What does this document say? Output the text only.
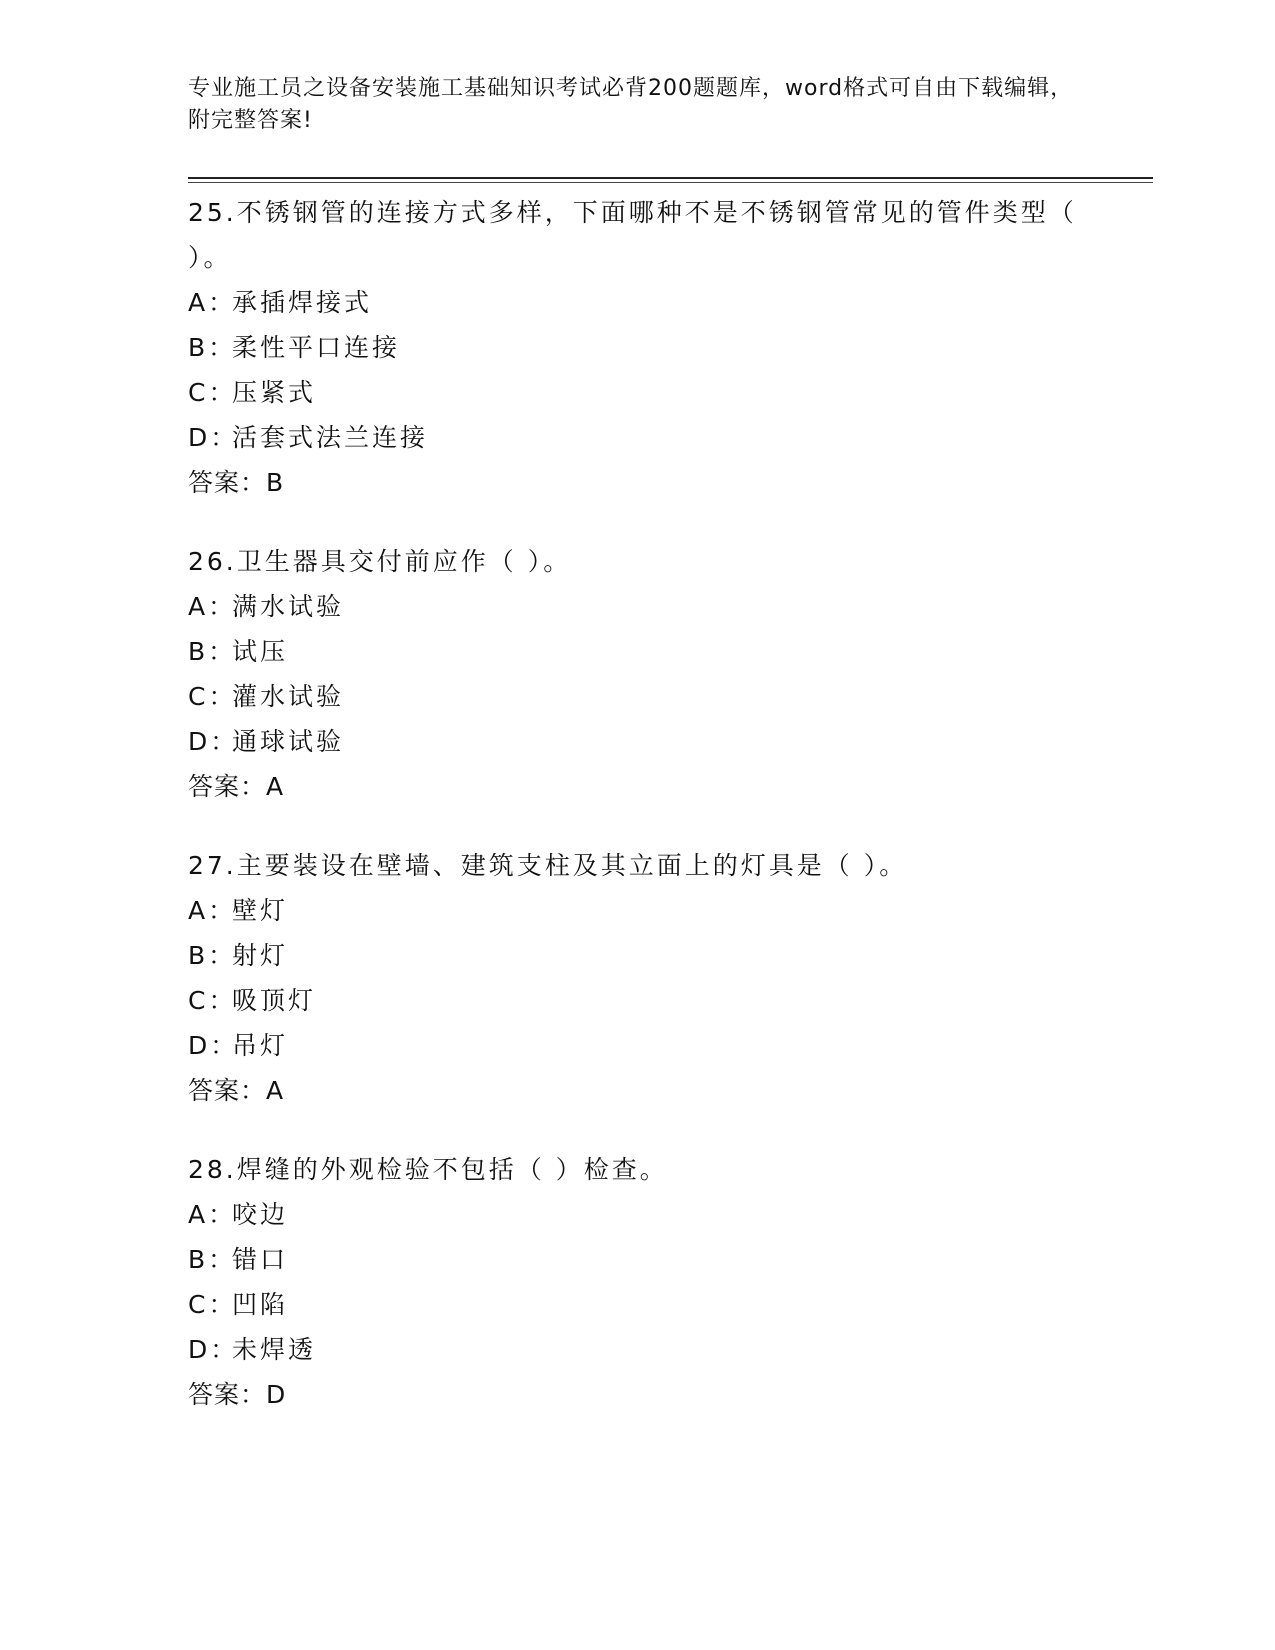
专业施工员之设备安装施工基础知识考试必背200题题库，word格式可自由下载编辑，附完整答案!

25.不锈钢管的连接方式多样，下面哪种不是不锈钢管常见的管件类型（ ）。

A：承插焊接式
B：柔性平口连接
C：压紧式
D：活套式法兰连接

答案：B

26.卫生器具交付前应作（ ）。

A：满水试验
B：试压
C：灌水试验
D：通球试验

答案：A

27.主要装设在壁墙、建筑支柱及其立面上的灯具是（ ）。

A：壁灯
B：射灯
C：吸顶灯
D：吊灯

答案：A

28.焊缝的外观检验不包括（ ）检查。

A：咬边
B：错口
C：凹陷
D：未焊透

答案：D
